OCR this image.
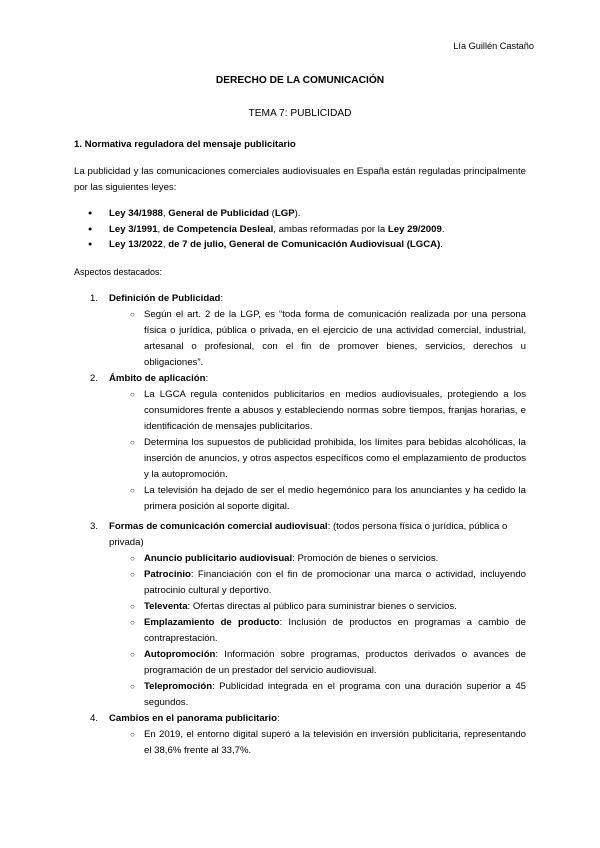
Lía Guillén Castaño
DERECHO DE LA COMUNICACIÓN
TEMA 7: PUBLICIDAD
1. Normativa reguladora del mensaje publicitario
La publicidad y las comunicaciones comerciales audiovisuales en España están reguladas principalmente por las siguientes leyes:
● Ley 34/1988, General de Publicidad (LGP).
● Ley 3/1991, de Competencia Desleal, ambas reformadas por la Ley 29/2009.
● Ley 13/2022, de 7 de julio, General de Comunicación Audiovisual (LGCA).
Aspectos destacados:
1. Definición de Publicidad:
○ Según el art. 2 de la LGP, es “toda forma de comunicación realizada por una persona física o jurídica, pública o privada, en el ejercicio de una actividad comercial, industrial, artesanal o profesional, con el fin de promover bienes, servicios, derechos u obligaciones”.
2. Ámbito de aplicación:
○ La LGCA regula contenidos publicitarios en medios audiovisuales, protegiendo a los consumidores frente a abusos y estableciendo normas sobre tiempos, franjas horarias, e identificación de mensajes publicitarios.
○ Determina los supuestos de publicidad prohibida, los límites para bebidas alcohólicas, la inserción de anuncios, y otros aspectos específicos como el emplazamiento de productos y la autopromoción.
○ La televisión ha dejado de ser el medio hegemónico para los anunciantes y ha cedido la primera posición al soporte digital.
3. Formas de comunicación comercial audiovisual: (todos persona física o jurídica, pública o privada)
○ Anuncio publicitario audiovisual: Promoción de bienes o servicios.
○ Patrocinio: Financiación con el fin de promocionar una marca o actividad, incluyendo patrocinio cultural y deportivo.
○ Televenta: Ofertas directas al público para suministrar bienes o servicios.
○ Emplazamiento de producto: Inclusión de productos en programas a cambio de contraprestación.
○ Autopromoción: Información sobre programas, productos derivados o avances de programación de un prestador del servicio audiovisual.
○ Telepromoción: Publicidad integrada en el programa con una duración superior a 45 segundos.
4. Cambios en el panorama publicitario:
○ En 2019, el entorno digital superó a la televisión en inversión publicitaria, representando el 38,6% frente al 33,7%.
